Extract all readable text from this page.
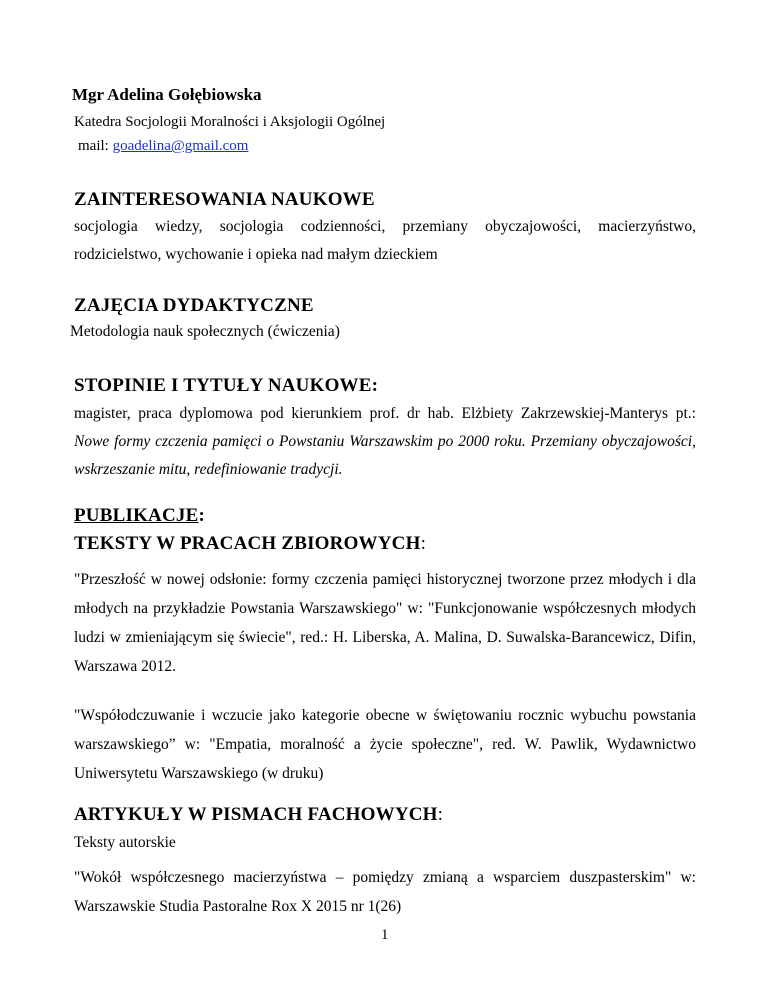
Mgr Adelina Gołębiowska
Katedra Socjologii Moralności i Aksjologii Ogólnej
mail: goadelina@gmail.com
ZAINTERESOWANIA NAUKOWE
socjologia wiedzy, socjologia codzienności, przemiany obyczajowości, macierzyństwo, rodzicielstwo, wychowanie i opieka nad małym dzieckiem
ZAJĘCIA DYDAKTYCZNE
Metodologia nauk społecznych (ćwiczenia)
STOPINIE I TYTUŁY NAUKOWE:
magister, praca dyplomowa pod kierunkiem prof. dr hab. Elżbiety Zakrzewskiej-Manterys pt.: Nowe formy czczenia pamięci o Powstaniu Warszawskim po 2000 roku. Przemiany obyczajowości, wskrzeszanie mitu, redefiniowanie tradycji.
PUBLIKACJE:
TEKSTY W PRACACH ZBIOROWYCH:
"Przeszłość w nowej odsłonie: formy czczenia pamięci historycznej tworzone przez młodych i dla młodych na przykładzie Powstania Warszawskiego" w: "Funkcjonowanie współczesnych młodych ludzi w zmieniającym się świecie", red.: H. Liberska, A. Malina, D. Suwalska-Barancewicz, Difin, Warszawa 2012.
"Współodczuwanie i wczucie jako kategorie obecne w świętowaniu rocznic wybuchu powstania warszawskiego” w: "Empatia, moralność a życie społeczne", red. W. Pawlik, Wydawnictwo Uniwersytetu Warszawskiego (w druku)
ARTYKUŁY W PISMACH FACHOWYCH:
Teksty autorskie
"Wokół współczesnego macierzyństwa – pomiędzy zmianą a wsparciem duszpasterskim" w: Warszawskie Studia Pastoralne Rox X 2015 nr 1(26)
1
